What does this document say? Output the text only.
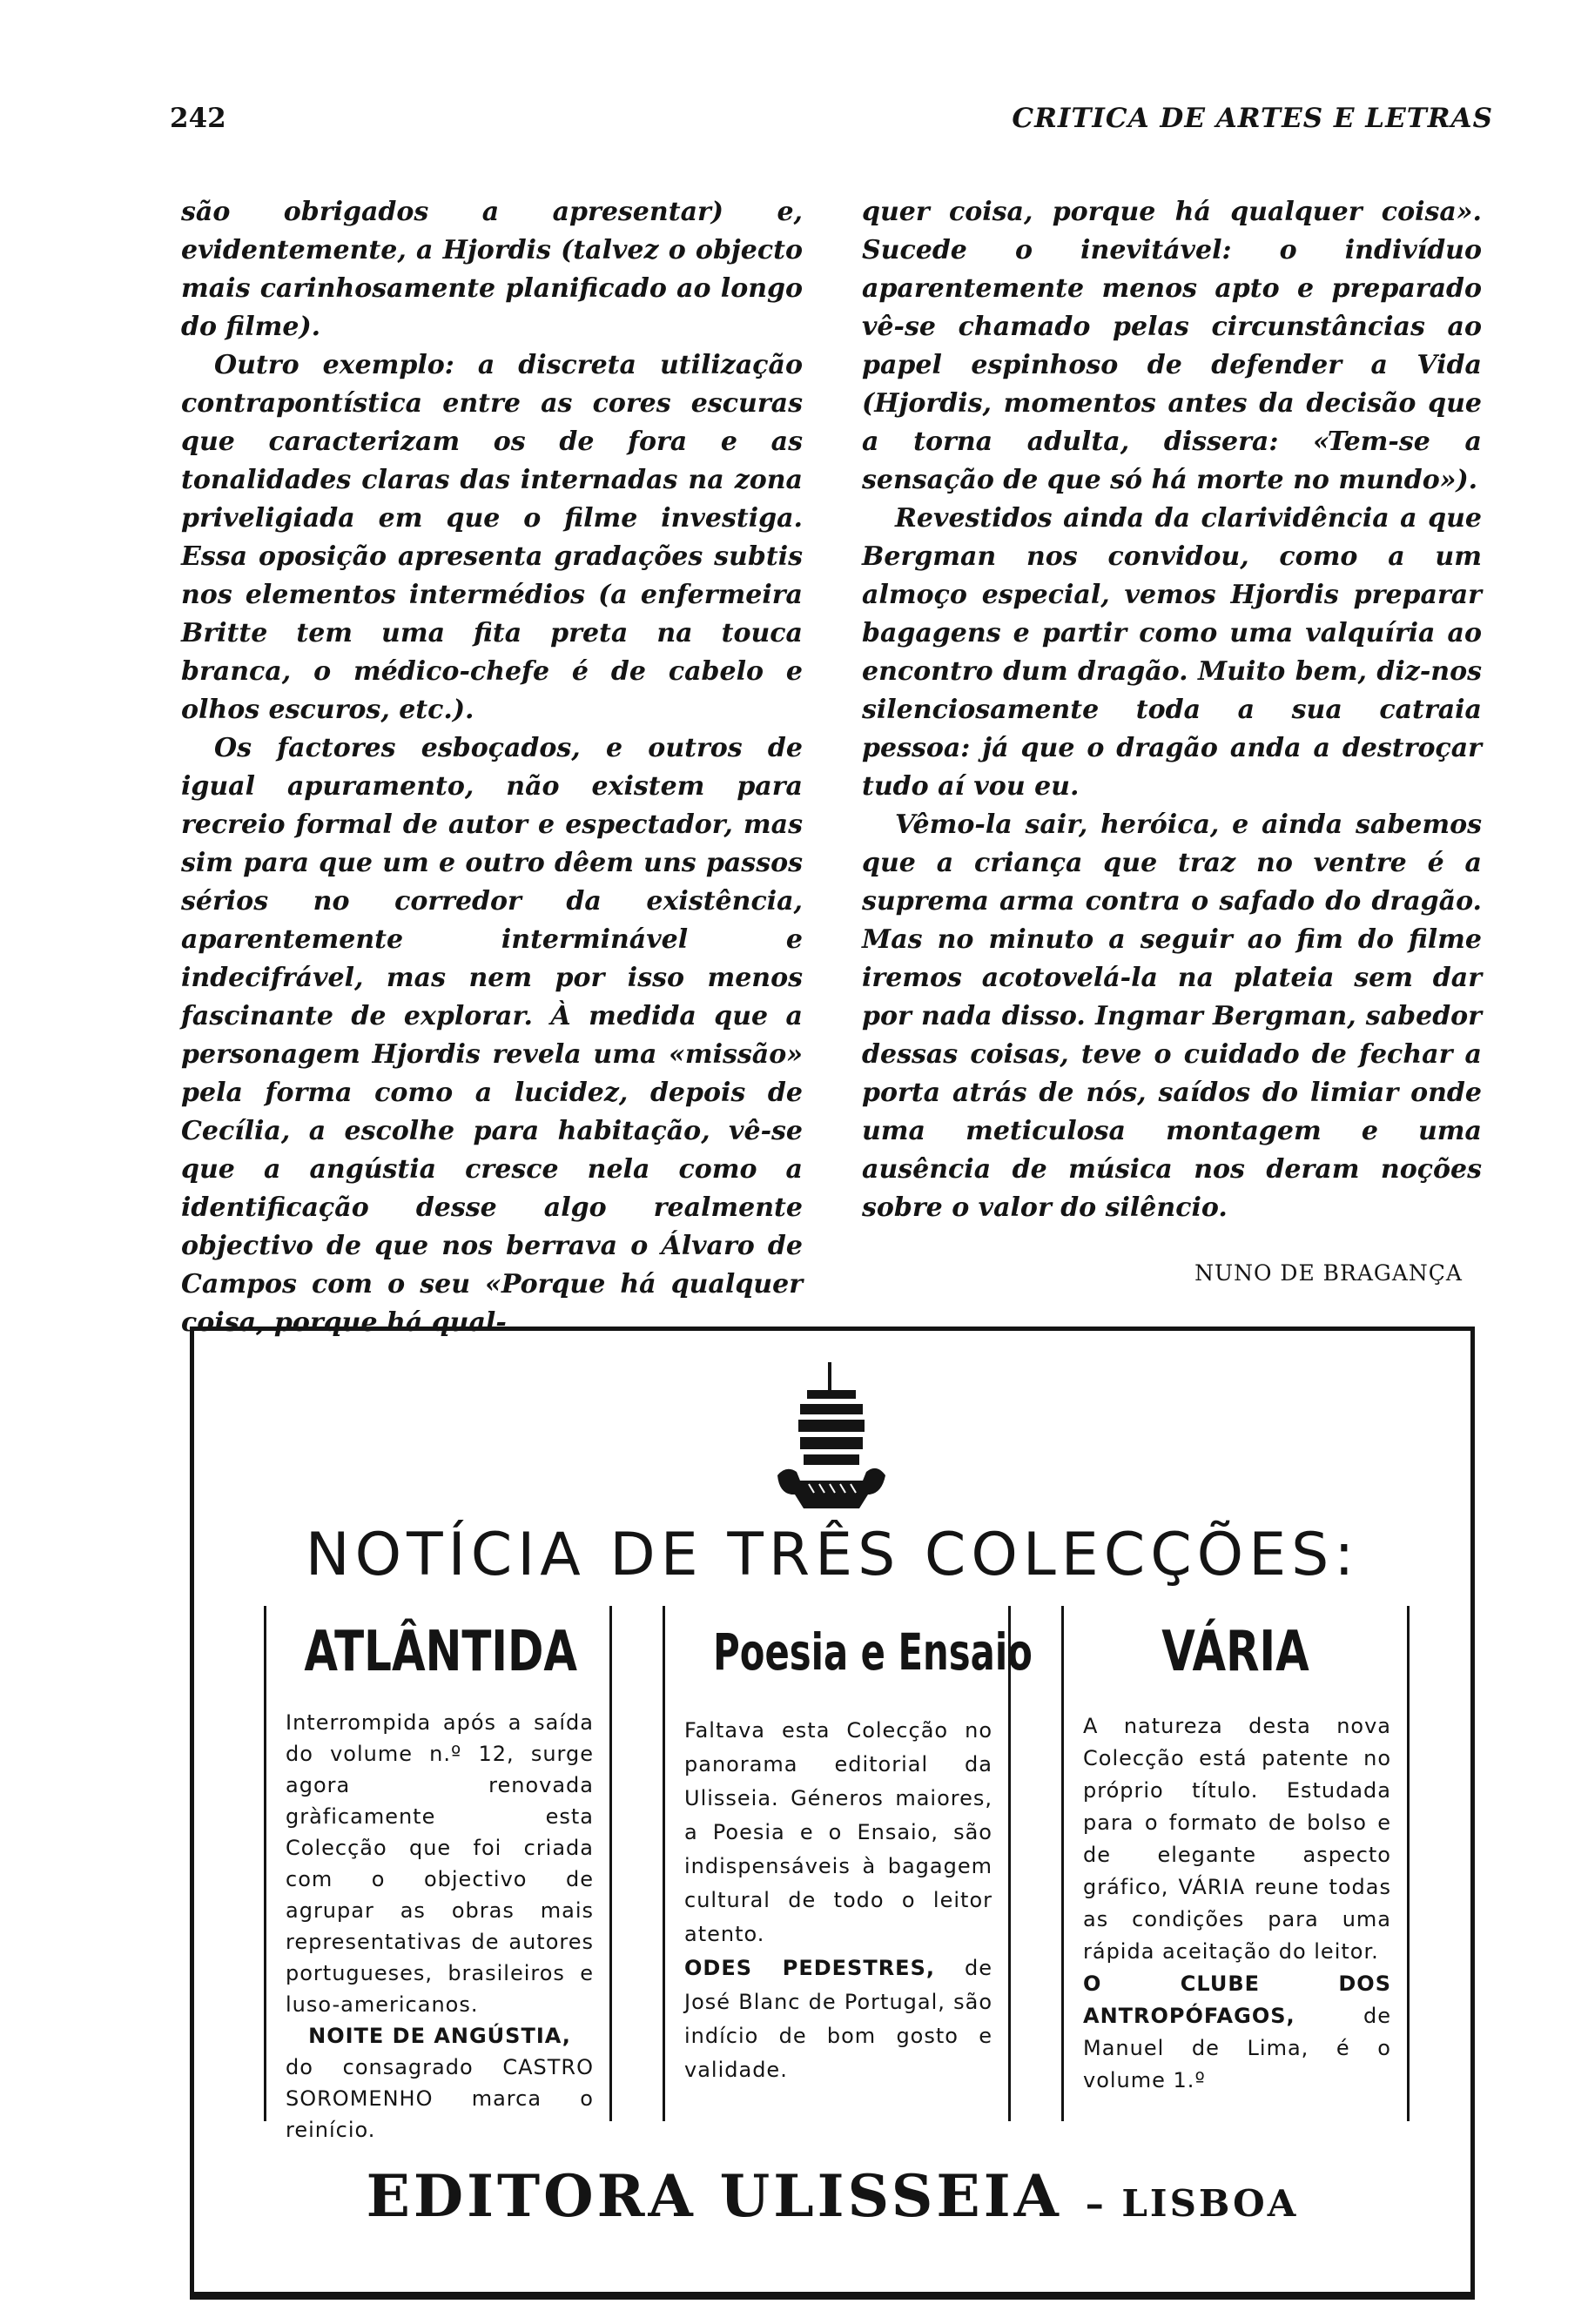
242	CRITICA DE ARTES E LETRAS

são obrigados a apresentar) e, evidentemente, a Hjordis (talvez o objecto mais carinhosamente planificado ao longo do filme).

Outro exemplo: a discreta utilização contrapontística entre as cores escuras que caracterizam os de fora e as tonalidades claras das internadas na zona priveligiada em que o filme investiga. Essa oposição apresenta gradações subtis nos elementos intermédios (a enfermeira Britte tem uma fita preta na touca branca, o médico-chefe é de cabelo e olhos escuros, etc.).

Os factores esboçados, e outros de igual apuramento, não existem para recreio formal de autor e espectador, mas sim para que um e outro dêem uns passos sérios no corredor da existência, aparentemente interminável e indecifrável, mas nem por isso menos fascinante de explorar. À medida que a personagem Hjordis revela uma «missão» pela forma como a lucidez, depois de Cecília, a escolhe para habitação, vê-se que a angústia cresce nela como a identificação desse algo realmente objectivo de que nos berrava o Álvaro de Campos com o seu «Porque há qualquer coisa, porque há qual-

quer coisa, porque há qualquer coisa». Sucede o inevitável: o indivíduo aparentemente menos apto e preparado vê-se chamado pelas circunstâncias ao papel espinhoso de defender a Vida (Hjordis, momentos antes da decisão que a torna adulta, dissera: «Tem-se a sensação de que só há morte no mundo»).

Revestidos ainda da clarividência a que Bergman nos convidou, como a um almoço especial, vemos Hjordis preparar bagagens e partir como uma valquíria ao encontro dum dragão. Muito bem, diz-nos silenciosamente toda a sua catraia pessoa: já que o dragão anda a destroçar tudo aí vou eu.

Vêmo-la sair, heróica, e ainda sabemos que a criança que traz no ventre é a suprema arma contra o safado do dragão. Mas no minuto a seguir ao fim do filme iremos acotovelá-la na plateia sem dar por nada disso. Ingmar Bergman, sabedor dessas coisas, teve o cuidado de fechar a porta atrás de nós, saídos do limiar onde uma meticulosa montagem e uma ausência de música nos deram noções sobre o valor do silêncio.

NUNO DE BRAGANÇA
NOTÍCIA DE TRÊS COLECÇÕES:
ATLÂNTIDA

Interrompida após a saída do volume n.º 12, surge agora renovada gràficamente esta Colecção que foi criada com o objectivo de agrupar as obras mais representativas de autores portugueses, brasileiros e luso-americanos.

NOITE DE ANGÚSTIA,

do consagrado CASTRO SOROMENHO marca o reinício.

Poesia e Ensaio

Faltava esta Colecção no panorama editorial da Ulisseia. Géneros maiores, a Poesia e o Ensaio, são indispensáveis à bagagem cultural de todo o leitor atento.

ODES PEDESTRES, de José Blanc de Portugal, são indício de bom gosto e validade.

VÁRIA

A natureza desta nova Colecção está patente no próprio título. Estudada para o formato de bolso e de elegante aspecto gráfico, VÁRIA reune todas as condições para uma rápida aceitação do leitor.

O CLUBE DOS ANTROPÓFAGOS,	de Manuel de Lima, é o volume 1.º

EDITORA ULISSEIA – LISBOA
